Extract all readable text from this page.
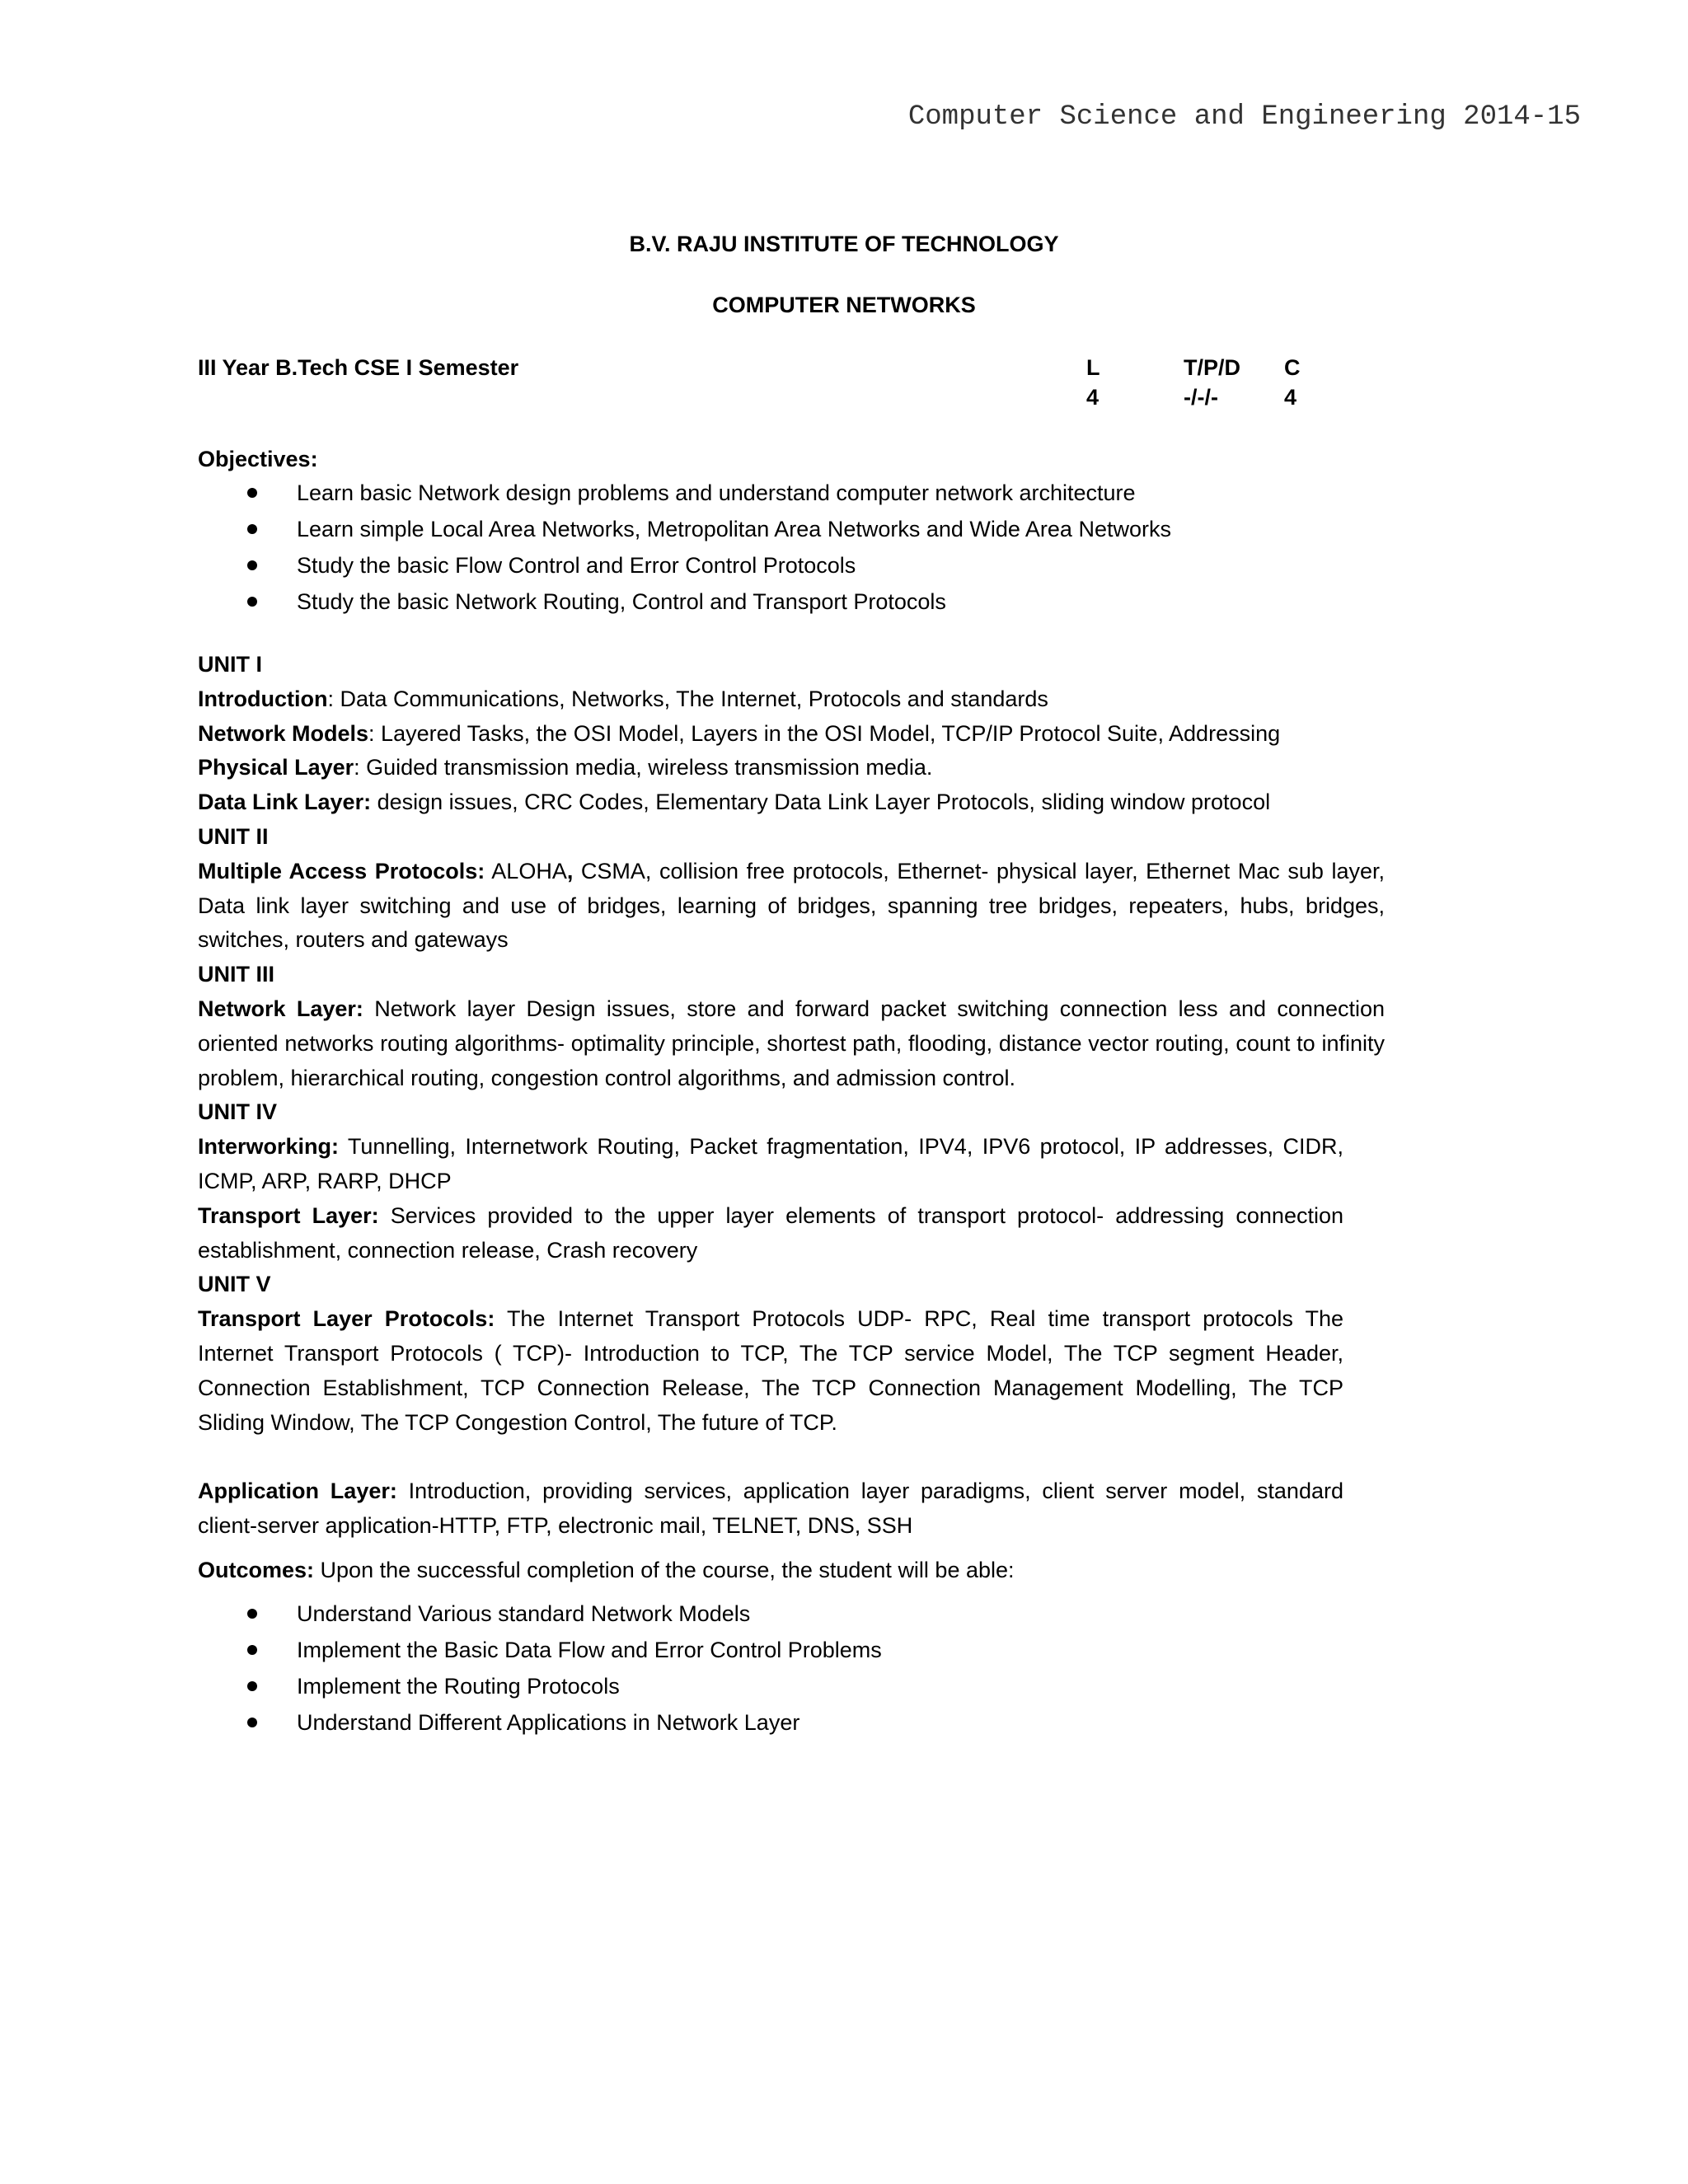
Computer Science and Engineering 2014-15
B.V. RAJU INSTITUTE OF TECHNOLOGY
COMPUTER NETWORKS
III Year B.Tech CSE I Semester	L
4
T/P/D
-/-/-
C
4
Objectives:
Learn basic Network design problems and understand computer network architecture
Learn simple Local Area Networks, Metropolitan Area Networks and Wide Area Networks
Study the basic Flow Control and Error Control Protocols
Study the basic Network Routing, Control and Transport Protocols
UNIT I
Introduction: Data Communications, Networks, The Internet, Protocols and standards
Network Models: Layered Tasks, the OSI Model, Layers in the OSI Model, TCP/IP Protocol Suite, Addressing
Physical Layer: Guided transmission media, wireless transmission media.
Data Link Layer: design issues, CRC Codes, Elementary Data Link Layer Protocols, sliding window protocol
UNIT II
Multiple Access Protocols: ALOHA, CSMA, collision free protocols, Ethernet- physical layer, Ethernet Mac sub layer, Data link layer switching and use of bridges, learning of bridges, spanning tree bridges, repeaters, hubs, bridges, switches, routers and gateways
UNIT III
Network Layer: Network layer Design issues, store and forward packet switching connection less and connection oriented networks routing algorithms- optimality principle, shortest path, flooding, distance vector routing, count to infinity problem, hierarchical routing, congestion control algorithms, and admission control.
UNIT IV
Interworking: Tunnelling, Internetwork Routing, Packet fragmentation, IPV4, IPV6 protocol, IP addresses, CIDR, ICMP, ARP, RARP, DHCP
Transport Layer: Services provided to the upper layer elements of transport protocol- addressing connection establishment, connection release, Crash recovery
UNIT V
Transport Layer Protocols: The Internet Transport Protocols UDP- RPC, Real time transport protocols The Internet Transport Protocols ( TCP)- Introduction to TCP, The TCP service Model, The TCP segment Header, Connection Establishment, TCP Connection Release, The TCP Connection Management Modelling, The TCP Sliding Window, The TCP Congestion Control, The future of TCP.
Application Layer: Introduction, providing services, application layer paradigms, client server model, standard client-server application-HTTP, FTP, electronic mail, TELNET, DNS, SSH
Outcomes: Upon the successful completion of the course, the student will be able:
Understand Various standard Network Models
Implement the Basic Data Flow and Error Control Problems
Implement the Routing Protocols
Understand Different Applications in Network Layer
